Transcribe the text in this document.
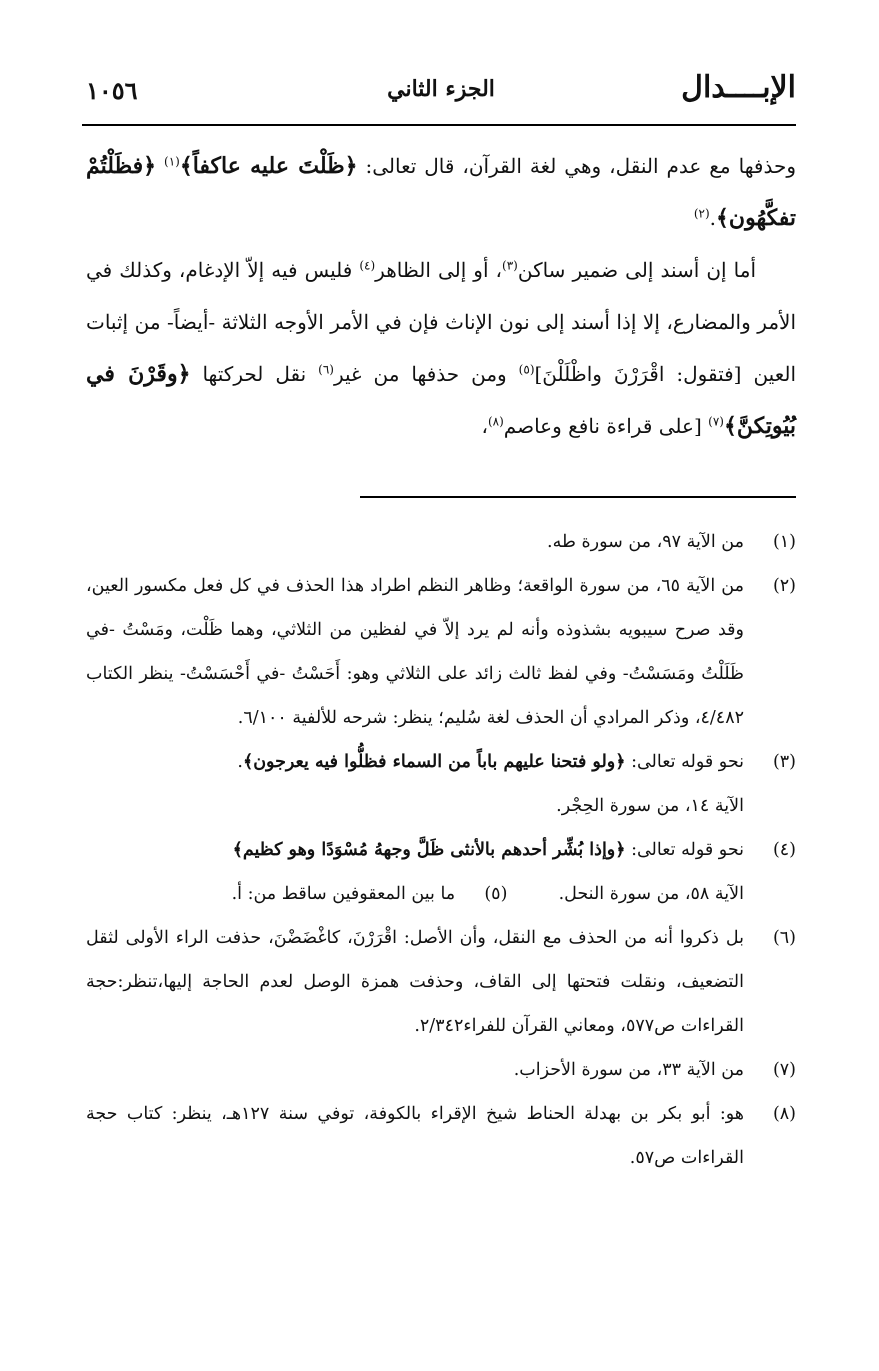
الإبــــدال
الجزء الثاني
١٠٥٦

وحذفها مع عدم النقل، وهي لغة القرآن، قال تعالى: ﴿ظَلْتَ عليه عاكفاً﴾$^{(١)}$ ﴿فظَلْتُمْ تفكَّهُون﴾.$^{(٢)}$

أما إن أسند إلى ضمير ساكن$^{(٣)}$، أو إلى الظاهر$^{(٤)}$ فليس فيه إلاّ الإدغام، وكذلك في الأمر والمضارع، إلا إذا أسند إلى نون الإناث فإن في الأمر الأوجه الثلاثة -أيضاً- من إثبات العين [فتقول: اقْرَرْنَ واظْلَلْنَ]$^{(٥)}$ ومن حذفها من غير$^{(٦)}$ نقل لحركتها ﴿وقَرْنَ في بُيُوتِكنَّ﴾$^{(٧)}$ [على قراءة نافع وعاصم$^{(٨)}$،

(١)
من الآية ٩٧، من سورة طه.
(٢)
من الآية ٦٥، من سورة الواقعة؛ وظاهر النظم اطراد هذا الحذف في كل فعل مكسور العين، وقد صرح سيبويه بشذوذه وأنه لم يرد إلاّ في لفظين من الثلاثي، وهما ظَلْت، ومَسْتُ -في ظَلَلْتُ ومَسَسْتُ- وفي لفظ ثالث زائد على الثلاثي وهو: أَحَسْتُ -في أَحْسَسْتُ- ينظر الكتاب ٤/٤٨٢، وذكر المرادي أن الحذف لغة سُليم؛ ينظر: شرحه للألفية ٦/١٠٠.
(٣)
نحو قوله تعالى: ﴿ولو فتحنا عليهم باباً من السماء فظلُّوا فيه يعرجون﴾.
الآية ١٤، من سورة الحِجْر.
(٤)
نحو قوله تعالى: ﴿وإذا بُشِّر أحدهم بالأنثى ظَلَّ وجههُ مُسْوَدًا وهو كظيم﴾
الآية ٥٨، من سورة النحل.  (٥)  ما بين المعقوفين ساقط من: أ.
(٦)
بل ذكروا أنه من الحذف مع النقل، وأن الأصل: اقْرَرْنَ، كاغْضَضْنَ، حذفت الراء الأولى لثقل التضعيف، ونقلت فتحتها إلى القاف، وحذفت همزة الوصل لعدم الحاجة إليها،تنظر:حجة القراءات ص٥٧٧، ومعاني القرآن للفراء٢/٣٤٢.
(٧)
من الآية ٣٣، من سورة الأحزاب.
(٨)
هو: أبو بكر بن بهدلة الحناط شيخ الإقراء بالكوفة، توفي سنة ١٢٧هـ، ينظر: كتاب حجة القراءات ص٥٧.
